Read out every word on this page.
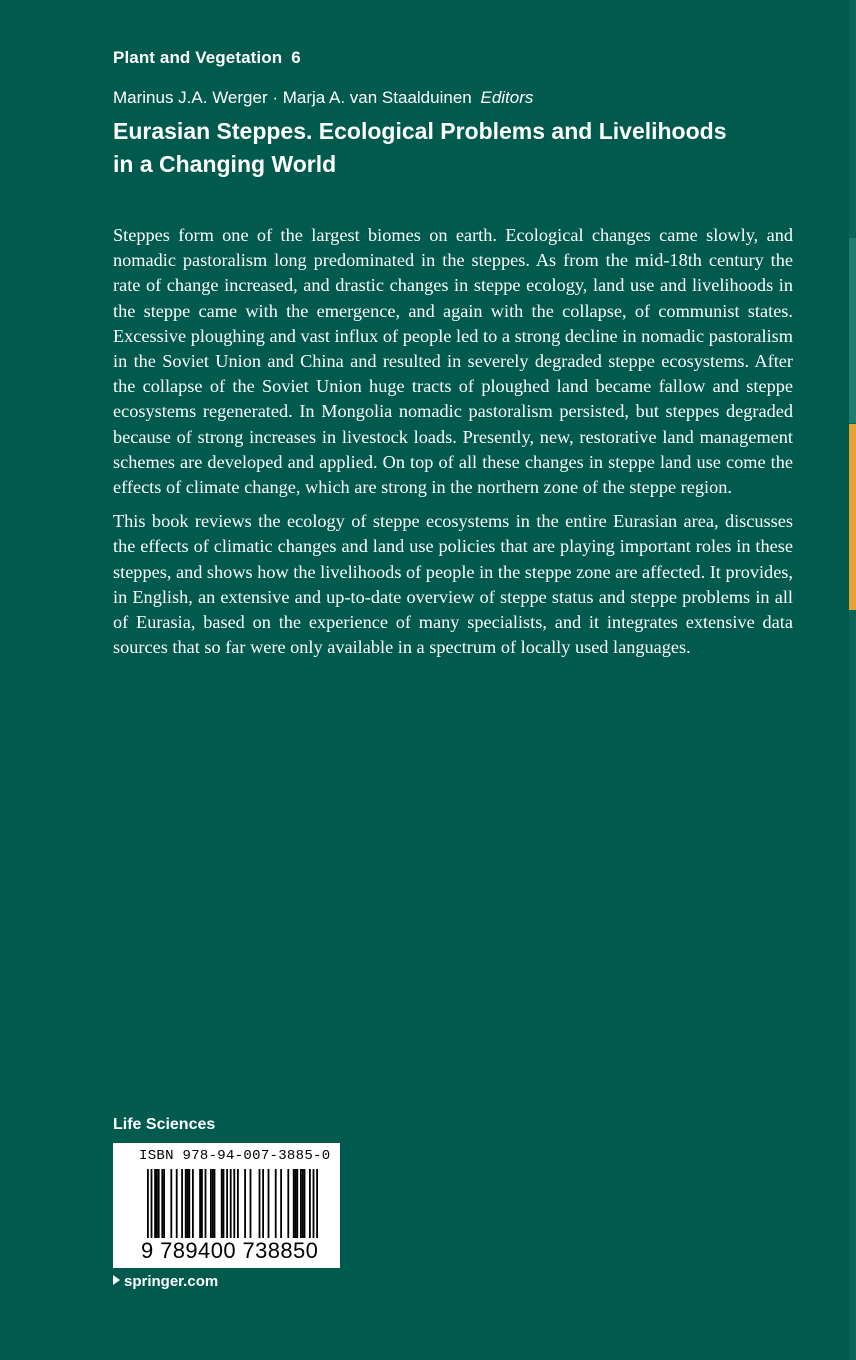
Plant and Vegetation 6
Marinus J.A. Werger · Marja A. van Staalduinen Editors
Eurasian Steppes. Ecological Problems and Livelihoods
in a Changing World

Steppes form one of the largest biomes on earth. Ecological changes came slowly, and nomadic pastoralism long predominated in the steppes. As from the mid-18th century the rate of change increased, and drastic changes in steppe ecology, land use and livelihoods in the steppe came with the emergence, and again with the collapse, of communist states. Excessive ploughing and vast influx of people led to a strong decline in nomadic pastoralism in the Soviet Union and China and resulted in severely degraded steppe ecosystems. After the collapse of the Soviet Union huge tracts of ploughed land became fallow and steppe ecosystems regenerated. In Mongolia nomadic pastoralism persisted, but steppes degraded because of strong increases in livestock loads. Presently, new, restorative land management schemes are developed and applied. On top of all these changes in steppe land use come the effects of climate change, which are strong in the northern zone of the steppe region.

This book reviews the ecology of steppe ecosystems in the entire Eurasian area, discusses the effects of climatic changes and land use policies that are playing important roles in these steppes, and shows how the livelihoods of people in the steppe zone are affected. It provides, in English, an extensive and up-to-date overview of steppe status and steppe problems in all of Eurasia, based on the experience of many specialists, and it integrates extensive data sources that so far were only available in a spectrum of locally used languages.

Life Sciences
ISBN 978-94-007-3885-0
9 789400 738850
springer.com
